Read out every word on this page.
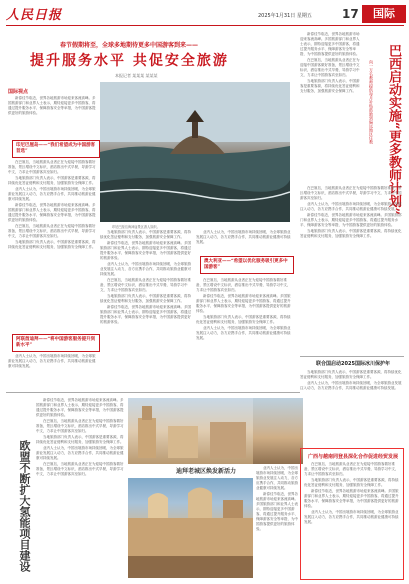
人民日报	2025年1月31日 星期五	17	国际
春节假期将至，全球多地期待更多中国游客到来——
提升服务水平 共促安全旅游
本报记者 某某某 某某某
国际视点

新春佳节临近，世界各地旅游市场迎来客流高峰。多国旅游部门和业界人士表示，期待迎接更多中国游客，将通过提升服务水平、保障游客安全等举措，为中国游客提供更好的旅游体验。

印尼巴厘岛——“我们希望成为中国游客首选”

在巴厘岛，当地旅游从业者正在为迎接中国游客做好准备，景区增设中文标识，酒店推出中式早餐，导游学习中文，力求让中国游客宾至如归。

当地旅游部门负责人表示，中国游客是重要客源，将持续优化签证便利和支付服务，加强旅游安全保障工作。

业内人士认为，中国出境游市场持续回暖，为全球旅游业发展注入动力，各方应携手合作，共同推动旅游业健康可持续发展。

新春佳节临近，世界各地旅游市场迎来客流高峰。多国旅游部门和业界人士表示，期待迎接更多中国游客，将通过提升服务水平、保障游客安全等举措，为中国游客提供更好的旅游体验。

在巴厘岛，当地旅游从业者正在为迎接中国游客做好准备，景区增设中文标识，酒店推出中式早餐，导游学习中文，力求让中国游客宾至如归。

当地旅游部门负责人表示，中国游客是重要客源，将持续优化签证便利和支付服务，加强旅游安全保障工作。

阿联酋迪拜——“将中国游客服务提升到新水平”

业内人士认为，中国出境游市场持续回暖，为全球旅游业发展注入动力，各方应携手合作，共同推动旅游业健康可持续发展。

印尼巴厘岛海神庙景区游人如织。

当地旅游部门负责人表示，中国游客是重要客源，将持续优化签证便利和支付服务，加强旅游安全保障工作。

新春佳节临近，世界各地旅游市场迎来客流高峰。多国旅游部门和业界人士表示，期待迎接更多中国游客，将通过提升服务水平、保障游客安全等举措，为中国游客提供更好的旅游体验。

业内人士认为，中国出境游市场持续回暖，为全球旅游业发展注入动力，各方应携手合作，共同推动旅游业健康可持续发展。

在巴厘岛，当地旅游从业者正在为迎接中国游客做好准备，景区增设中文标识，酒店推出中式早餐，导游学习中文，力求让中国游客宾至如归。

当地旅游部门负责人表示，中国游客是重要客源，将持续优化签证便利和支付服务，加强旅游安全保障工作。

新春佳节临近，世界各地旅游市场迎来客流高峰。多国旅游部门和业界人士表示，期待迎接更多中国游客，将通过提升服务水平、保障游客安全等举措，为中国游客提供更好的旅游体验。

业内人士认为，中国出境游市场持续回暖，为全球旅游业发展注入动力，各方应携手合作，共同推动旅游业健康可持续发展。

澳大利亚——“希望以优化服务吸引更多中国游客”

在巴厘岛，当地旅游从业者正在为迎接中国游客做好准备，景区增设中文标识，酒店推出中式早餐，导游学习中文，力求让中国游客宾至如归。

新春佳节临近，世界各地旅游市场迎来客流高峰。多国旅游部门和业界人士表示，期待迎接更多中国游客，将通过提升服务水平、保障游客安全等举措，为中国游客提供更好的旅游体验。

当地旅游部门负责人表示，中国游客是重要客源，将持续优化签证便利和支付服务，加强旅游安全保障工作。

业内人士认为，中国出境游市场持续回暖，为全球旅游业发展注入动力，各方应携手合作，共同推动旅游业健康可持续发展。

新春佳节临近，世界各地旅游市场迎来客流高峰。多国旅游部门和业界人士表示，期待迎接更多中国游客，将通过提升服务水平、保障游客安全等举措，为中国游客提供更好的旅游体验。

在巴厘岛，当地旅游从业者正在为迎接中国游客做好准备，景区增设中文标识，酒店推出中式早餐，导游学习中文，力求让中国游客宾至如归。

当地旅游部门负责人表示，中国游客是重要客源，将持续优化签证便利和支付服务，加强旅游安全保障工作。	巴西启动实施“更多教师计划”
向一万名教师提供每月补贴鼓励到偏远地区任教

在巴厘岛，当地旅游从业者正在为迎接中国游客做好准备，景区增设中文标识，酒店推出中式早餐，导游学习中文，力求让中国游客宾至如归。

业内人士认为，中国出境游市场持续回暖，为全球旅游业发展注入动力，各方应携手合作，共同推动旅游业健康可持续发展。

新春佳节临近，世界各地旅游市场迎来客流高峰。多国旅游部门和业界人士表示，期待迎接更多中国游客，将通过提升服务水平、保障游客安全等举措，为中国游客提供更好的旅游体验。

当地旅游部门负责人表示，中国游客是重要客源，将持续优化签证便利和支付服务，加强旅游安全保障工作。

联合国启动2025国际冰川保护年

当地旅游部门负责人表示，中国游客是重要客源，将持续优化签证便利和支付服务，加强旅游安全保障工作。

业内人士认为，中国出境游市场持续回暖，为全球旅游业发展注入动力，各方应携手合作，共同推动旅游业健康可持续发展。

欧盟不断扩大氢能项目建设

新春佳节临近，世界各地旅游市场迎来客流高峰。多国旅游部门和业界人士表示，期待迎接更多中国游客，将通过提升服务水平、保障游客安全等举措，为中国游客提供更好的旅游体验。

在巴厘岛，当地旅游从业者正在为迎接中国游客做好准备，景区增设中文标识，酒店推出中式早餐，导游学习中文，力求让中国游客宾至如归。

当地旅游部门负责人表示，中国游客是重要客源，将持续优化签证便利和支付服务，加强旅游安全保障工作。

业内人士认为，中国出境游市场持续回暖，为全球旅游业发展注入动力，各方应携手合作，共同推动旅游业健康可持续发展。

在巴厘岛，当地旅游从业者正在为迎接中国游客做好准备，景区增设中文标识，酒店推出中式早餐，导游学习中文，力求让中国游客宾至如归。	迪拜老城区焕发新活力	业内人士认为，中国出境游市场持续回暖，为全球旅游业发展注入动力，各方应携手合作，共同推动旅游业健康可持续发展。

新春佳节临近，世界各地旅游市场迎来客流高峰。多国旅游部门和业界人士表示，期待迎接更多中国游客，将通过提升服务水平、保障游客安全等举措，为中国游客提供更好的旅游体验。

广西与越南同登县深化合作促进经贸发展

在巴厘岛，当地旅游从业者正在为迎接中国游客做好准备，景区增设中文标识，酒店推出中式早餐，导游学习中文，力求让中国游客宾至如归。

当地旅游部门负责人表示，中国游客是重要客源，将持续优化签证便利和支付服务，加强旅游安全保障工作。

新春佳节临近，世界各地旅游市场迎来客流高峰。多国旅游部门和业界人士表示，期待迎接更多中国游客，将通过提升服务水平、保障游客安全等举措，为中国游客提供更好的旅游体验。

业内人士认为，中国出境游市场持续回暖，为全球旅游业发展注入动力，各方应携手合作，共同推动旅游业健康可持续发展。
